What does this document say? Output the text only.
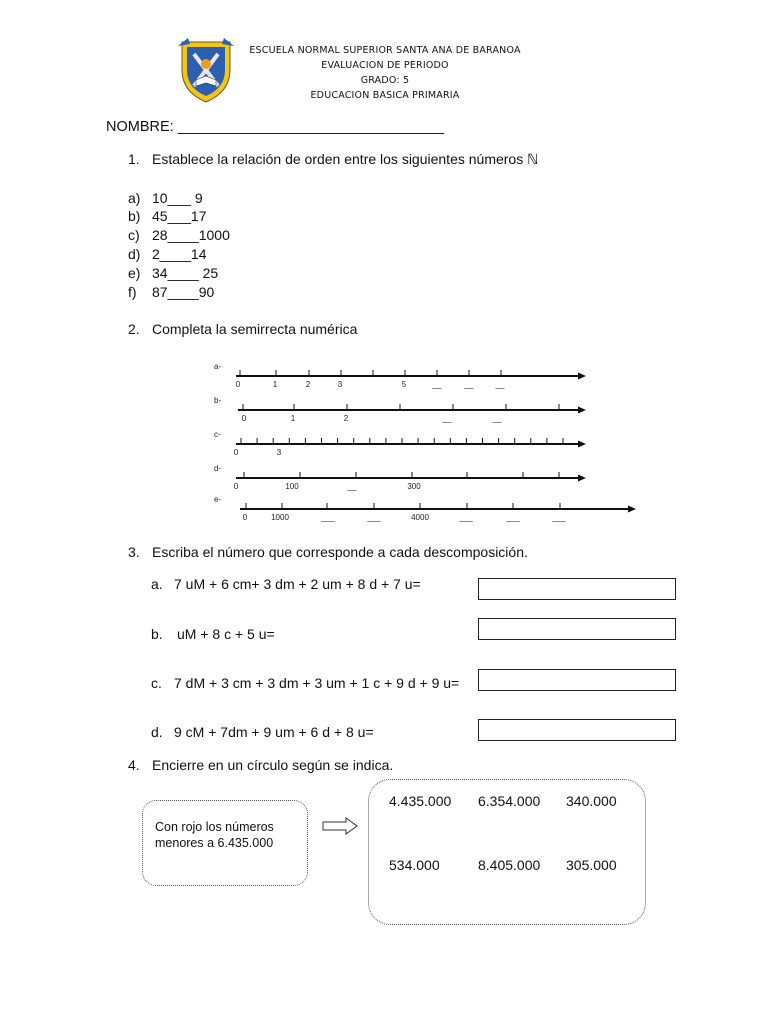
ESCUELA NORMAL SUPERIOR SANTA ANA DE BARANOA
EVALUACION DE PERIODO
GRADO: 5
EDUCACION BASICA PRIMARIA
NOMBRE: _________________________________
1. Establece la relación de orden entre los siguientes números ℕ
a) 10___ 9
b) 45___17
c) 28____1000
d) 2____14
e) 34____ 25
f) 87____90
2. Completa la semirrecta numérica
a-
0	1	2	3	5	__	__	__
b-
0	1	2	__	__
c-
0	3
d-
0	100	__	300
e-
0	1000	___	___	4000	___	___	___
3. Escriba el número que corresponde a cada descomposición.
a. 7 uM + 6 cm+ 3 dm + 2 um + 8 d + 7 u=
b. uM + 8 c + 5 u=
c. 7 dM + 3 cm + 3 dm + 3 um + 1 c + 9 d + 9 u=
d. 9 cM + 7dm + 9 um + 6 d + 8 u=
4. Encierre en un círculo según se indica.
Con rojo los números
menores a 6.435.000
4.435.000 6.354.000 340.000
534.000	8.405.000 305.000
